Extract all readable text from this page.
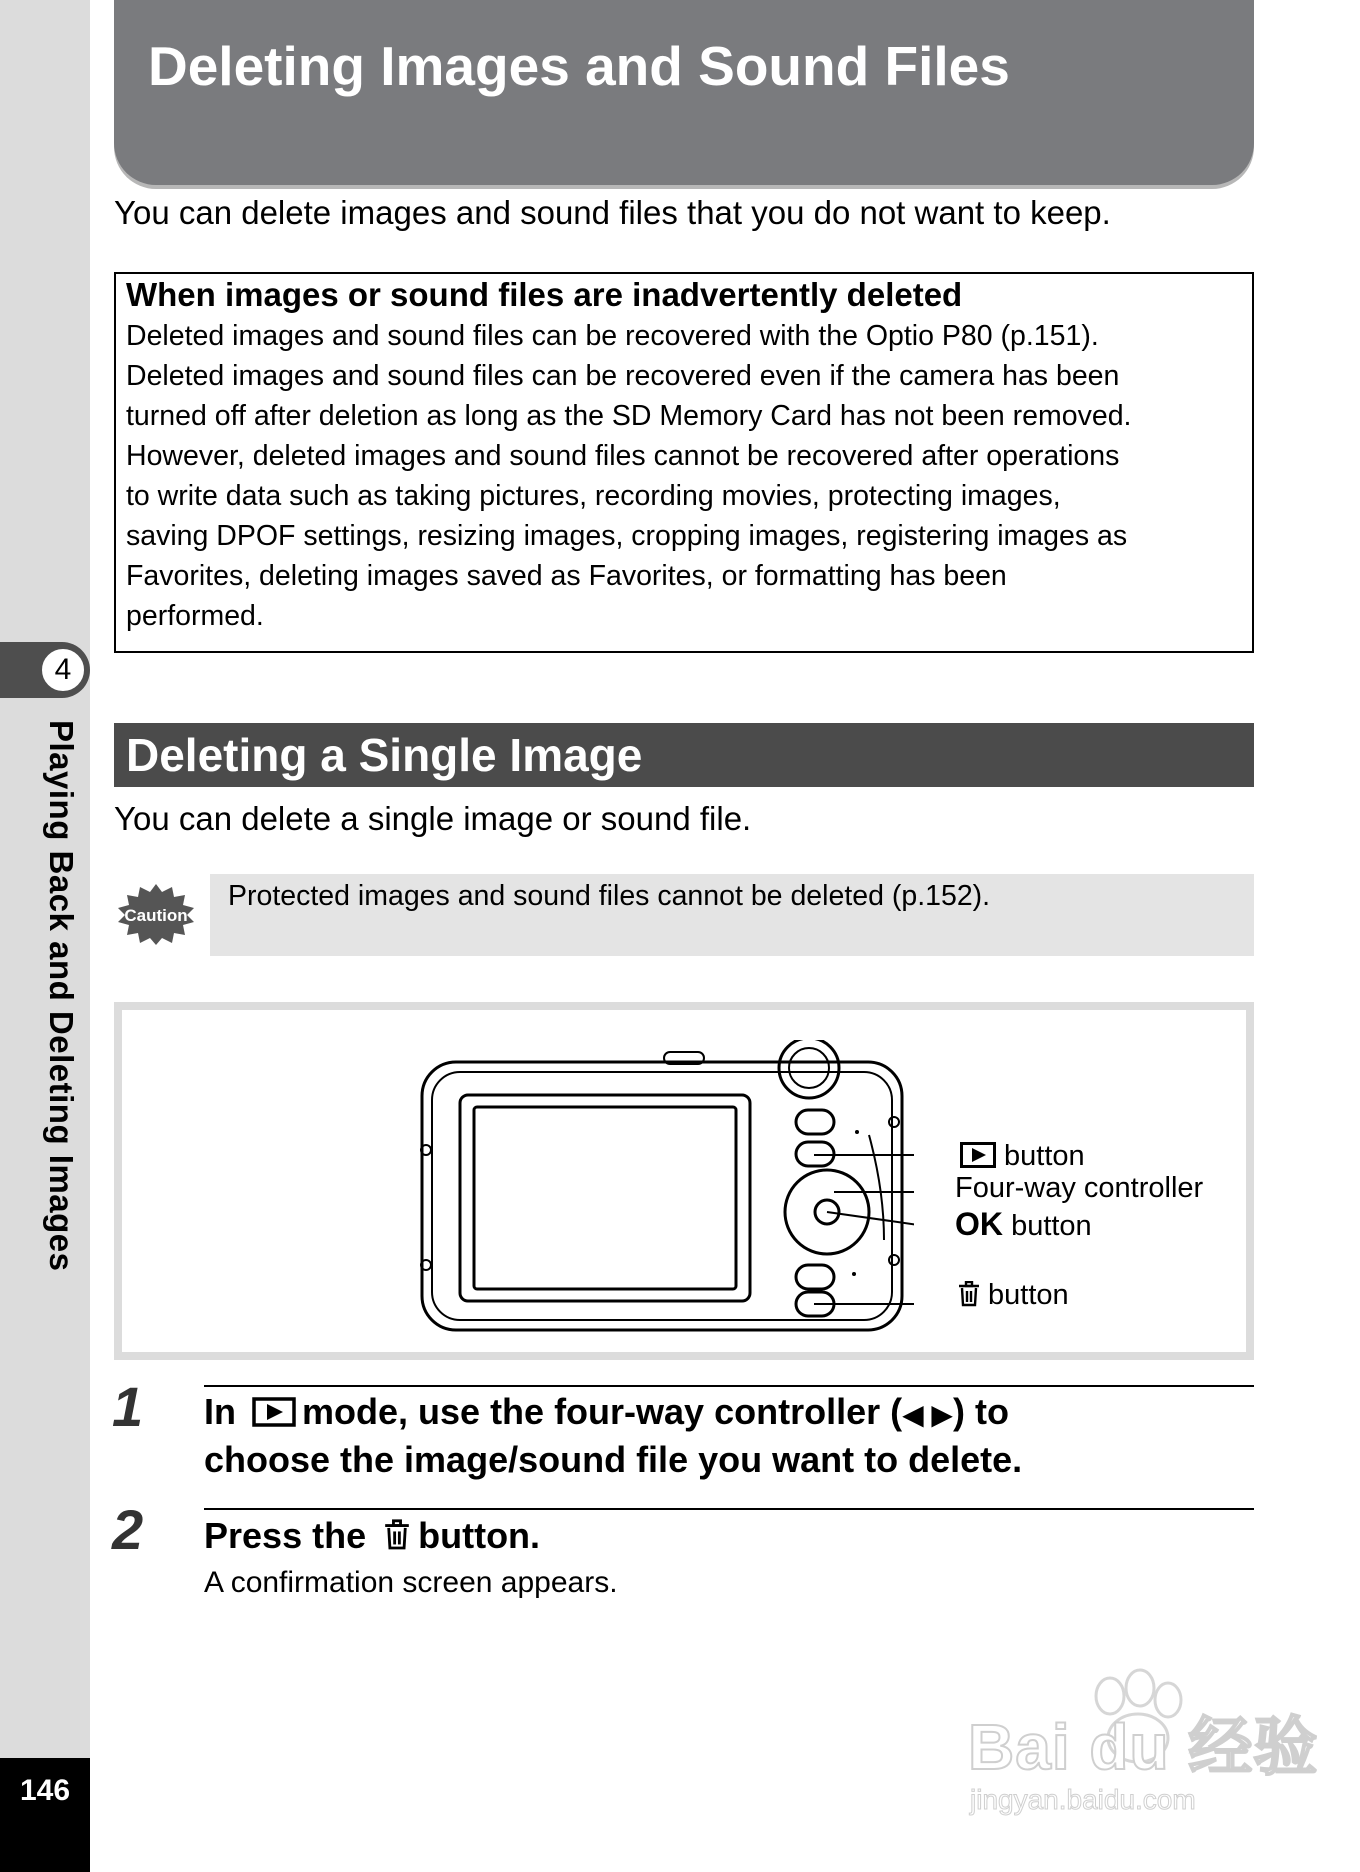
4
Playing Back and Deleting Images
146
Deleting Images and Sound Files
You can delete images and sound files that you do not want to keep.
When images or sound files are inadvertently deleted
Deleted images and sound files can be recovered with the Optio P80 (p.151).
Deleted images and sound files can be recovered even if the camera has been
turned off after deletion as long as the SD Memory Card has not been removed.
However, deleted images and sound files cannot be recovered after operations
to write data such as taking pictures, recording movies, protecting images,
saving DPOF settings, resizing images, cropping images, registering images as
Favorites, deleting images saved as Favorites, or formatting has been
performed.
Deleting a Single Image
You can delete a single image or sound file.
Caution
Protected images and sound files cannot be deleted (p.152).
button
Four-way controller
OK button
button
1 In mode, use the four-way controller (◀ ▶) to
choose the image/sound file you want to delete.
2 Press the button.
A confirmation screen appears.
Bai du 经验
jingyan.baidu.com
